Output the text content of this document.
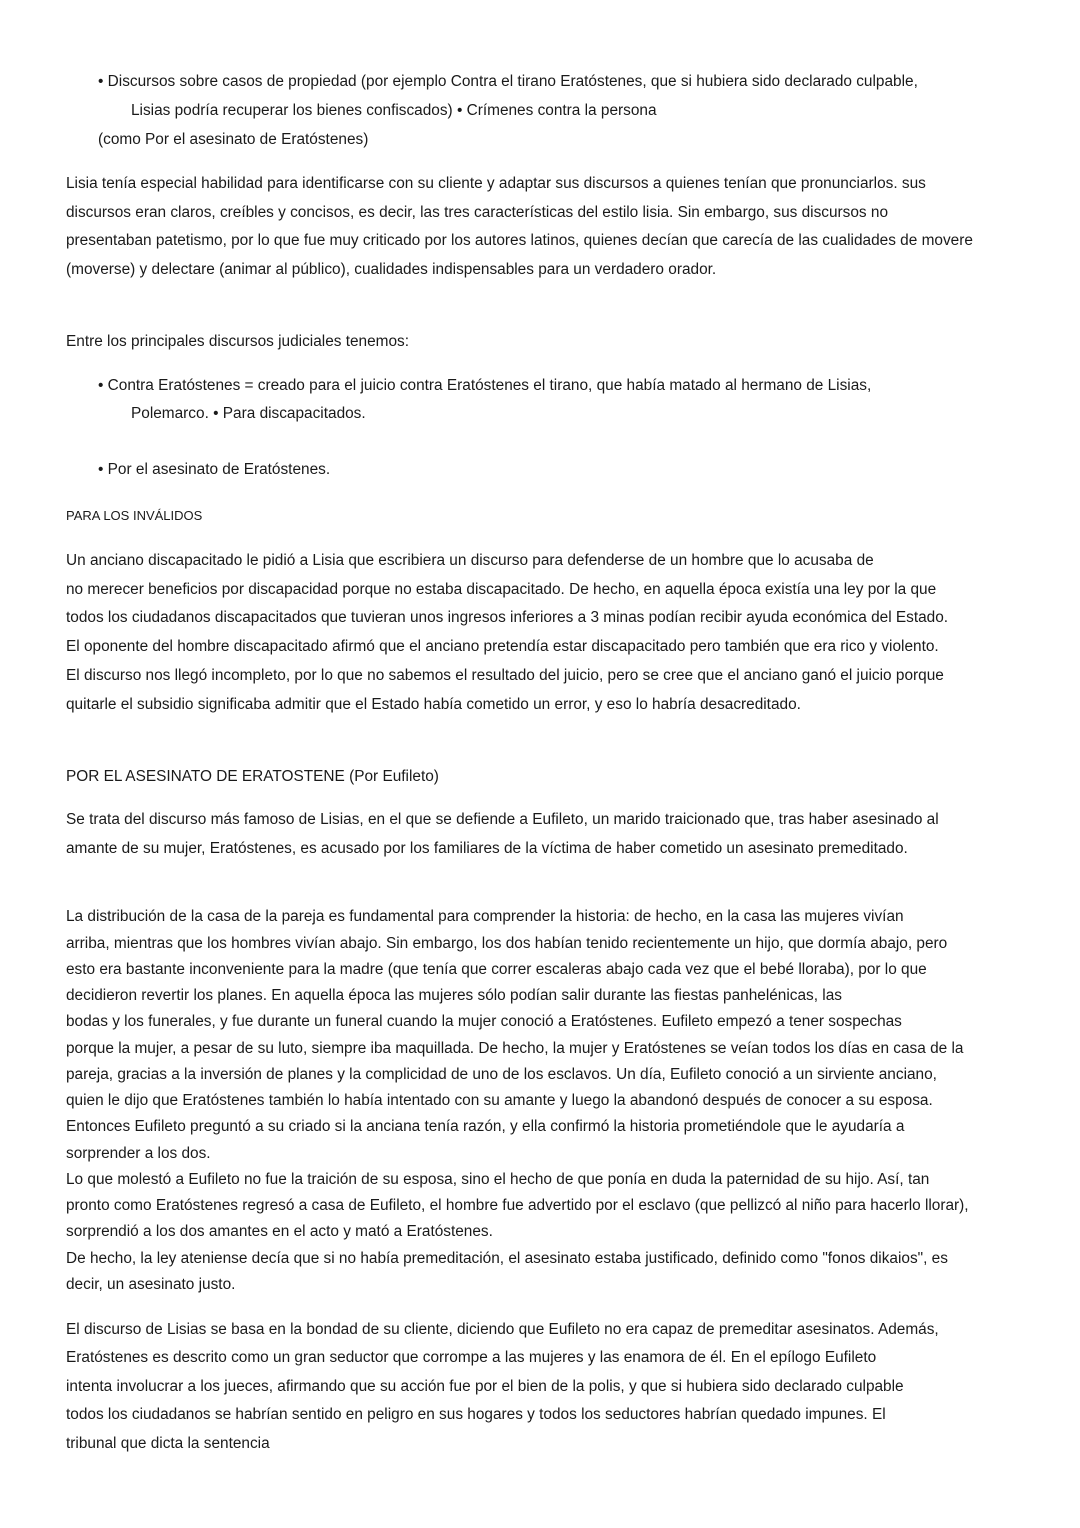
• Discursos sobre casos de propiedad (por ejemplo Contra el tirano Eratóstenes, que si hubiera sido declarado culpable,
Lisias podría recuperar los bienes confiscados) • Crímenes contra la persona
(como Por el asesinato de Eratóstenes)
Lisia tenía especial habilidad para identificarse con su cliente y adaptar sus discursos a quienes tenían que pronunciarlos. sus
discursos eran claros, creíbles y concisos, es decir, las tres características del estilo lisia. Sin embargo, sus discursos no
presentaban patetismo, por lo que fue muy criticado por los autores latinos, quienes decían que carecía de las cualidades de movere
(moverse) y delectare (animar al público), cualidades indispensables para un verdadero orador.
Entre los principales discursos judiciales tenemos:
• Contra Eratóstenes = creado para el juicio contra Eratóstenes el tirano, que había matado al hermano de Lisias,
Polemarco. • Para discapacitados.
• Por el asesinato de Eratóstenes.
PARA LOS INVÁLIDOS
Un anciano discapacitado le pidió a Lisia que escribiera un discurso para defenderse de un hombre que lo acusaba de
no merecer beneficios por discapacidad porque no estaba discapacitado. De hecho, en aquella época existía una ley por la que
todos los ciudadanos discapacitados que tuvieran unos ingresos inferiores a 3 minas podían recibir ayuda económica del Estado.
El oponente del hombre discapacitado afirmó que el anciano pretendía estar discapacitado pero también que era rico y violento.
El discurso nos llegó incompleto, por lo que no sabemos el resultado del juicio, pero se cree que el anciano ganó el juicio porque
quitarle el subsidio significaba admitir que el Estado había cometido un error, y eso lo habría desacreditado.
POR EL ASESINATO DE ERATOSTENE (Por Eufileto)
Se trata del discurso más famoso de Lisias, en el que se defiende a Eufileto, un marido traicionado que, tras haber asesinado al
amante de su mujer, Eratóstenes, es acusado por los familiares de la víctima de haber cometido un asesinato premeditado.
La distribución de la casa de la pareja es fundamental para comprender la historia: de hecho, en la casa las mujeres vivían
arriba, mientras que los hombres vivían abajo. Sin embargo, los dos habían tenido recientemente un hijo, que dormía abajo, pero
esto era bastante inconveniente para la madre (que tenía que correr escaleras abajo cada vez que el bebé lloraba), por lo que
decidieron revertir los planes. En aquella época las mujeres sólo podían salir durante las fiestas panhelénicas, las
bodas y los funerales, y fue durante un funeral cuando la mujer conoció a Eratóstenes. Eufileto empezó a tener sospechas
porque la mujer, a pesar de su luto, siempre iba maquillada. De hecho, la mujer y Eratóstenes se veían todos los días en casa de la
pareja, gracias a la inversión de planes y la complicidad de uno de los esclavos. Un día, Eufileto conoció a un sirviente anciano,
quien le dijo que Eratóstenes también lo había intentado con su amante y luego la abandonó después de conocer a su esposa.
Entonces Eufileto preguntó a su criado si la anciana tenía razón, y ella confirmó la historia prometiéndole que le ayudaría a
sorprender a los dos.
Lo que molestó a Eufileto no fue la traición de su esposa, sino el hecho de que ponía en duda la paternidad de su hijo. Así, tan
pronto como Eratóstenes regresó a casa de Eufileto, el hombre fue advertido por el esclavo (que pellizcó al niño para hacerlo llorar),
sorprendió a los dos amantes en el acto y mató a Eratóstenes.
De hecho, la ley ateniense decía que si no había premeditación, el asesinato estaba justificado, definido como "fonos dikaios", es
decir, un asesinato justo.
El discurso de Lisias se basa en la bondad de su cliente, diciendo que Eufileto no era capaz de premeditar asesinatos. Además,
Eratóstenes es descrito como un gran seductor que corrompe a las mujeres y las enamora de él. En el epílogo Eufileto
intenta involucrar a los jueces, afirmando que su acción fue por el bien de la polis, y que si hubiera sido declarado culpable
todos los ciudadanos se habrían sentido en peligro en sus hogares y todos los seductores habrían quedado impunes. El
tribunal que dicta la sentencia
